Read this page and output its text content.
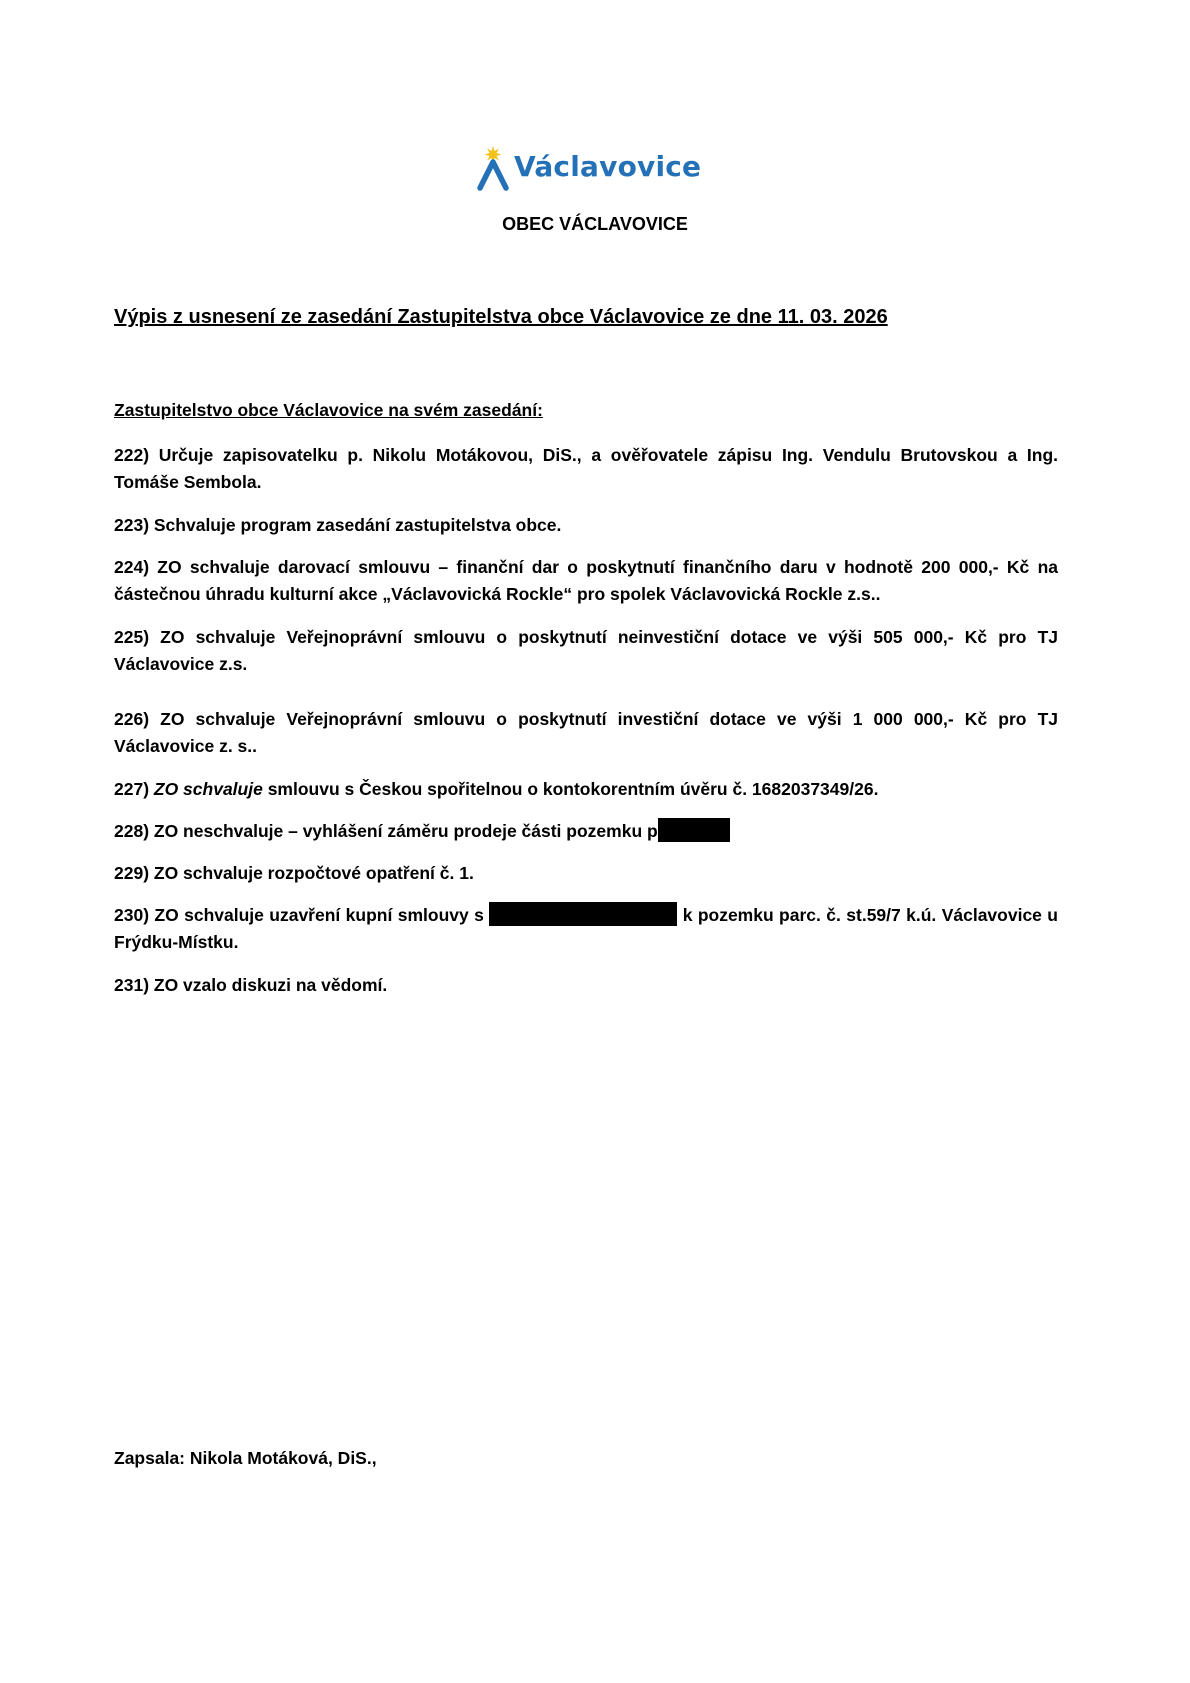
Václavovice
OBEC VÁCLAVOVICE
Výpis z usnesení ze zasedání Zastupitelstva obce Václavovice ze dne 11. 03. 2026
Zastupitelstvo obce Václavovice na svém zasedání:
222) Určuje zapisovatelku p. Nikolu Motákovou, DiS., a ověřovatele zápisu Ing. Vendulu Brutovskou a Ing. Tomáše Sembola.
223) Schvaluje program zasedání zastupitelstva obce.
224) ZO schvaluje darovací smlouvu – finanční dar o poskytnutí finančního daru v hodnotě 200 000,- Kč na částečnou úhradu kulturní akce „Václavovická Rockle“ pro spolek Václavovická Rockle z.s..
225) ZO schvaluje Veřejnoprávní smlouvu o poskytnutí neinvestiční dotace ve výši 505 000,- Kč pro TJ Václavovice z.s.
226) ZO schvaluje Veřejnoprávní smlouvu o poskytnutí investiční dotace ve výši 1 000 000,- Kč pro TJ Václavovice z. s..
227) ZO schvaluje smlouvu s Českou spořitelnou o kontokorentním úvěru č. 1682037349/26.
228) ZO neschvaluje – vyhlášení záměru prodeje části pozemku p
229) ZO schvaluje rozpočtové opatření č. 1.
230) ZO schvaluje uzavření kupní smlouvy s	k pozemku parc. č. st.59/7 k.ú. Václavovice u Frýdku-Místku.
231) ZO vzalo diskuzi na vědomí.
Zapsala: Nikola Motáková, DiS.,
